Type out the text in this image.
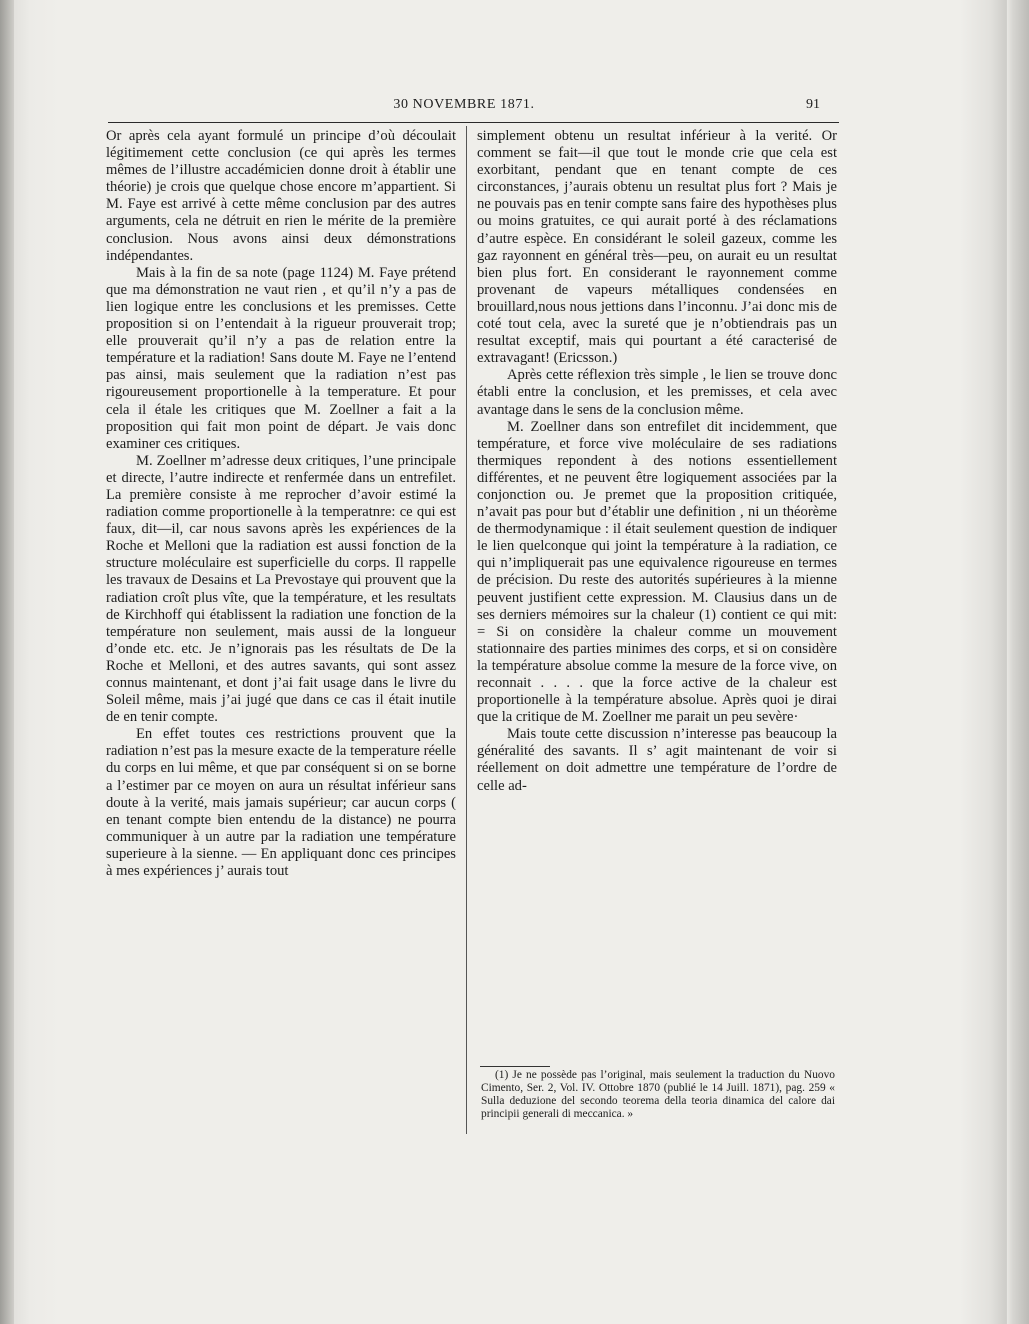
30 NOVEMBRE 1871.	91

Or après cela ayant formulé un principe d’où découlait légitimement cette conclusion (ce qui après les termes mêmes de l’illustre accadémicien donne droit à établir une théorie) je crois que quelque chose encore m’appartient. Si M. Faye est arrivé à cette même conclusion par des autres arguments, cela ne détruit en rien le mérite de la première conclusion. Nous avons ainsi deux démonstrations indépendantes.

Mais à la fin de sa note (page 1124) M. Faye prétend que ma démonstration ne vaut rien , et qu’il n’y a pas de lien logique entre les conclusions et les premisses. Cette proposition si on l’entendait à la rigueur prouverait trop; elle prouverait qu’il n’y a pas de relation entre la température et la radiation! Sans doute M. Faye ne l’entend pas ainsi, mais seulement que la radiation n’est pas rigoureusement proportionelle à la temperature. Et pour cela il étale les critiques que M. Zoellner a fait a la proposition qui fait mon point de départ. Je vais donc examiner ces critiques.

M. Zoellner m’adresse deux critiques, l’une principale et directe, l’autre indirecte et renfermée dans un entrefilet. La première consiste à me reprocher d’avoir estimé la radiation comme proportionelle à la temperatnre: ce qui est faux, dit—il, car nous savons après les expériences de la Roche et Melloni que la radiation est aussi fonction de la structure moléculaire est superficielle du corps. Il rappelle les travaux de Desains et La Prevostaye qui prouvent que la radiation croît plus vîte, que la température, et les resultats de Kirchhoff qui établissent la radiation une fonction de la température non seulement, mais aussi de la longueur d’onde etc. etc. Je n’ignorais pas les résultats de De la Roche et Melloni, et des autres savants, qui sont assez connus maintenant, et dont j’ai fait usage dans le livre du Soleil même, mais j’ai jugé que dans ce cas il était inutile de en tenir compte.

En effet toutes ces restrictions prouvent que la radiation n’est pas la mesure exacte de la temperature réelle du corps en lui même, et que par conséquent si on se borne a l’estimer par ce moyen on aura un résultat inférieur sans doute à la verité, mais jamais supérieur; car aucun corps ( en tenant compte bien entendu de la distance) ne pourra communiquer à un autre par la radiation une température superieure à la sienne. — En appliquant donc ces principes à mes expériences j’ aurais tout

simplement obtenu un resultat inférieur à la verité. Or comment se fait—il que tout le monde crie que cela est exorbitant, pendant que en tenant compte de ces circonstances, j’aurais obtenu un resultat plus fort ? Mais je ne pouvais pas en tenir compte sans faire des hypothèses plus ou moins gratuites, ce qui aurait porté à des réclamations d’autre espèce. En considérant le soleil gazeux, comme les gaz rayonnent en général très—peu, on aurait eu un resultat bien plus fort. En considerant le rayonnement comme provenant de vapeurs métalliques condensées en brouillard,nous nous jettions dans l’inconnu. J’ai donc mis de coté tout cela, avec la sureté que je n’obtiendrais pas un resultat exceptif, mais qui pourtant a été caracterisé de extravagant! (Ericsson.)

Après cette réflexion très simple , le lien se trouve donc établi entre la conclusion, et les premisses, et cela avec avantage dans le sens de la conclusion même.

M. Zoellner dans son entrefilet dit incidemment, que température, et force vive moléculaire de ses radiations thermiques repondent à des notions essentiellement différentes, et ne peuvent être logiquement associées par la conjonction ou. Je premet que la proposition critiquée, n’avait pas pour but d’établir une definition , ni un théorème de thermodynamique : il était seulement question de indiquer le lien quelconque qui joint la température à la radiation, ce qui n’impliquerait pas une equivalence rigoureuse en termes de précision. Du reste des autorités supérieures à la mienne peuvent justifient cette expression. M. Clausius dans un de ses derniers mémoires sur la chaleur (1) contient ce qui mit: = Si on considère la chaleur comme un mouvement stationnaire des parties minimes des corps, et si on considère la température absolue comme la mesure de la force vive, on reconnait . . . . que la force active de la chaleur est proportionelle à la température absolue. Après quoi je dirai que la critique de M. Zoellner me parait un peu sevère·

Mais toute cette discussion n’interesse pas beaucoup la généralité des savants. Il s’ agit maintenant de voir si réellement on doit admettre une température de l’ordre de celle ad-

(1) Je ne possède pas l’original, mais seulement la traduction du Nuovo Cimento, Ser. 2, Vol. IV. Ottobre 1870 (publié le 14 Juill. 1871), pag. 259 « Sulla deduzione del secondo teorema della teoria dinamica del calore dai principii generali di meccanica. »
